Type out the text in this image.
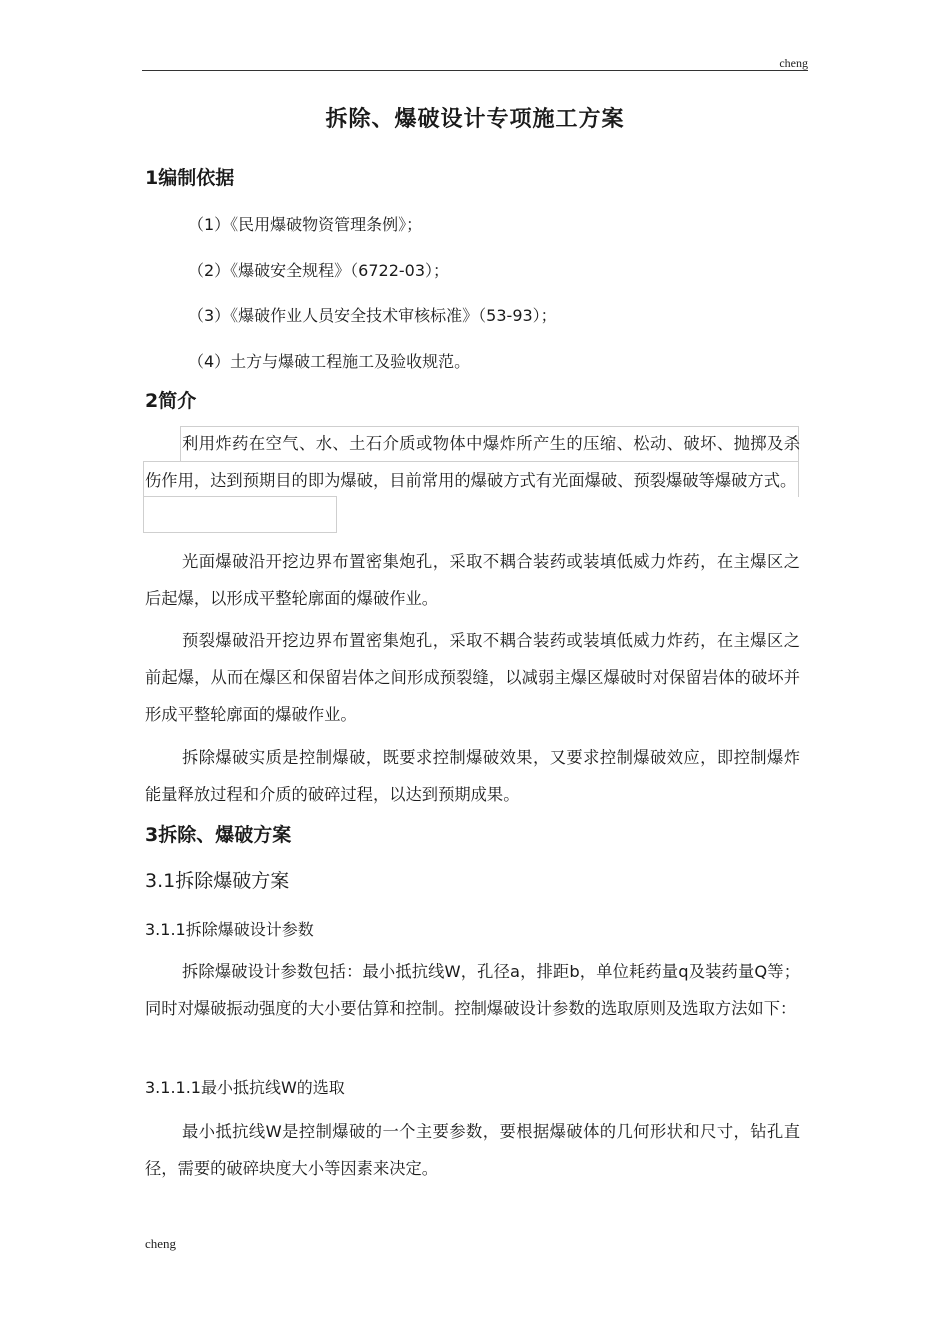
cheng
拆除、爆破设计专项施工方案
1编制依据
（1）《民用爆破物资管理条例》；
（2）《爆破安全规程》（6722-03）；
（3）《爆破作业人员安全技术审核标准》（53-93）；
（4）土方与爆破工程施工及验收规范。
2简介
利用炸药在空气、水、土石介质或物体中爆炸所产生的压缩、松动、破坏、抛掷及杀伤作用，达到预期目的即为爆破，目前常用的爆破方式有光面爆破、预裂爆破等爆破方式。
光面爆破沿开挖边界布置密集炮孔，采取不耦合装药或装填低威力炸药，在主爆区之后起爆，以形成平整轮廓面的爆破作业。
预裂爆破沿开挖边界布置密集炮孔，采取不耦合装药或装填低威力炸药，在主爆区之前起爆，从而在爆区和保留岩体之间形成预裂缝，以减弱主爆区爆破时对保留岩体的破坏并形成平整轮廓面的爆破作业。
拆除爆破实质是控制爆破，既要求控制爆破效果，又要求控制爆破效应，即控制爆炸能量释放过程和介质的破碎过程，以达到预期成果。
3拆除、爆破方案
3.1拆除爆破方案
3.1.1拆除爆破设计参数
拆除爆破设计参数包括：最小抵抗线W，孔径a，排距b，单位耗药量q及装药量Q等；同时对爆破振动强度的大小要估算和控制。控制爆破设计参数的选取原则及选取方法如下：
3.1.1.1最小抵抗线W的选取
最小抵抗线W是控制爆破的一个主要参数，要根据爆破体的几何形状和尺寸，钻孔直径，需要的破碎块度大小等因素来决定。
cheng
